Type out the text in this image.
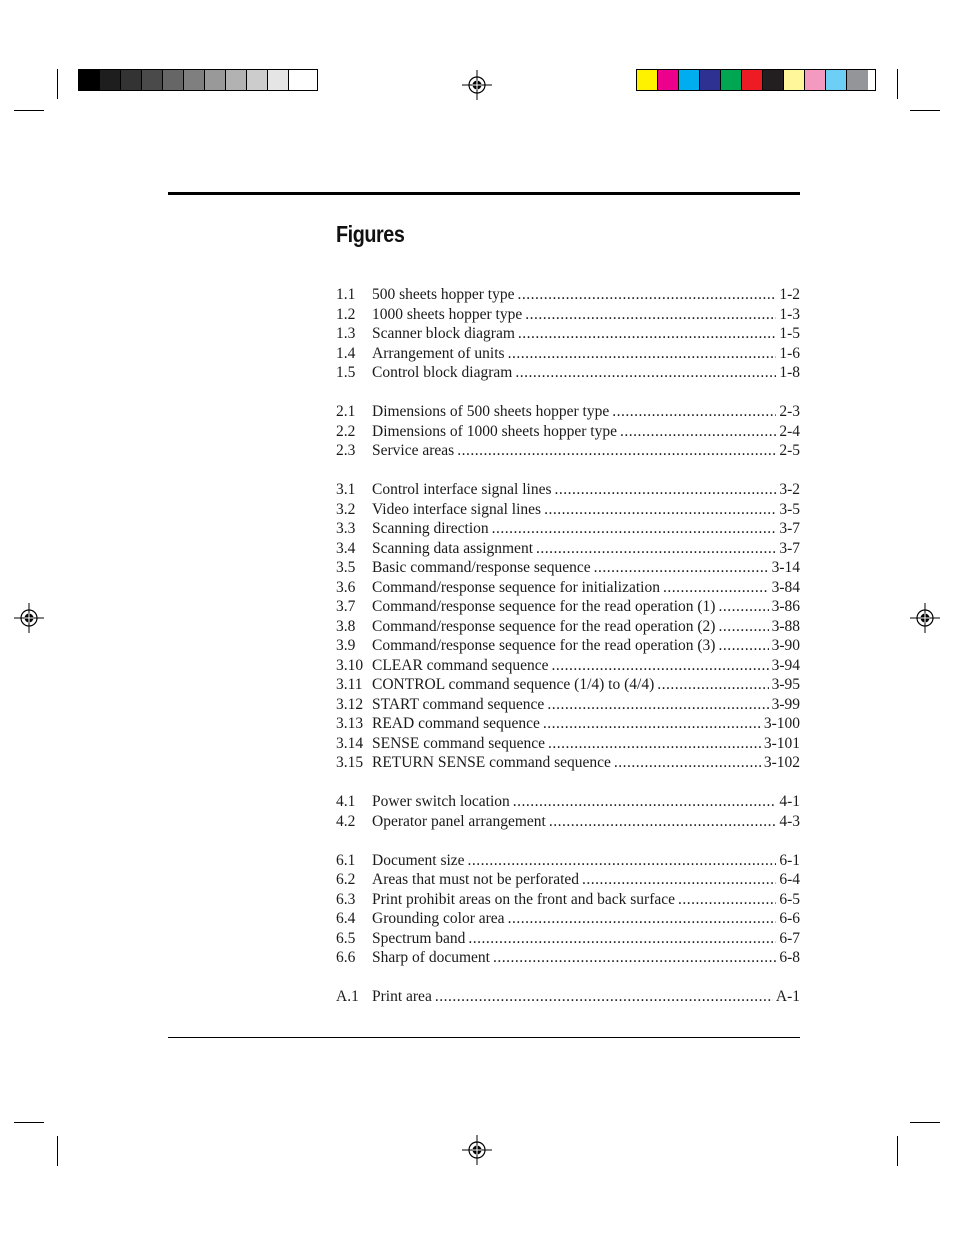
Figures
1.1	500 sheets hopper type .....	1-2
1.2	1000 sheets hopper type .....	1-3
1.3	Scanner block diagram .....	1-5
1.4	Arrangement of units .....	1-6
1.5	Control block diagram .....	1-8
2.1	Dimensions of 500 sheets hopper type .....	2-3
2.2	Dimensions of 1000 sheets hopper type .....	2-4
2.3	Service areas .....	2-5
3.1	Control interface signal lines .....	3-2
3.2	Video interface signal lines .....	3-5
3.3	Scanning direction .....	3-7
3.4	Scanning data assignment .....	3-7
3.5	Basic command/response sequence .....	3-14
3.6	Command/response sequence for initialization .....	3-84
3.7	Command/response sequence for the read operation (1) .....	3-86
3.8	Command/response sequence for the read operation (2) .....	3-88
3.9	Command/response sequence for the read operation (3) .....	3-90
3.10 CLEAR command sequence .....	3-94
3.11 CONTROL command sequence (1/4) to (4/4) .....	3-95
3.12 START command sequence .....	3-99
3.13 READ command sequence .....	3-100
3.14 SENSE command sequence .....	3-101
3.15 RETURN SENSE command sequence .....	3-102
4.1	Power switch location .....	4-1
4.2	Operator panel arrangement .....	4-3
6.1	Document size .....	6-1
6.2	Areas that must not be perforated .....	6-4
6.3	Print prohibit areas on the front and back surface .....	6-5
6.4	Grounding color area .....	6-6
6.5	Spectrum band .....	6-7
6.6	Sharp of document .....	6-8
A.1 Print area .....	A-1
